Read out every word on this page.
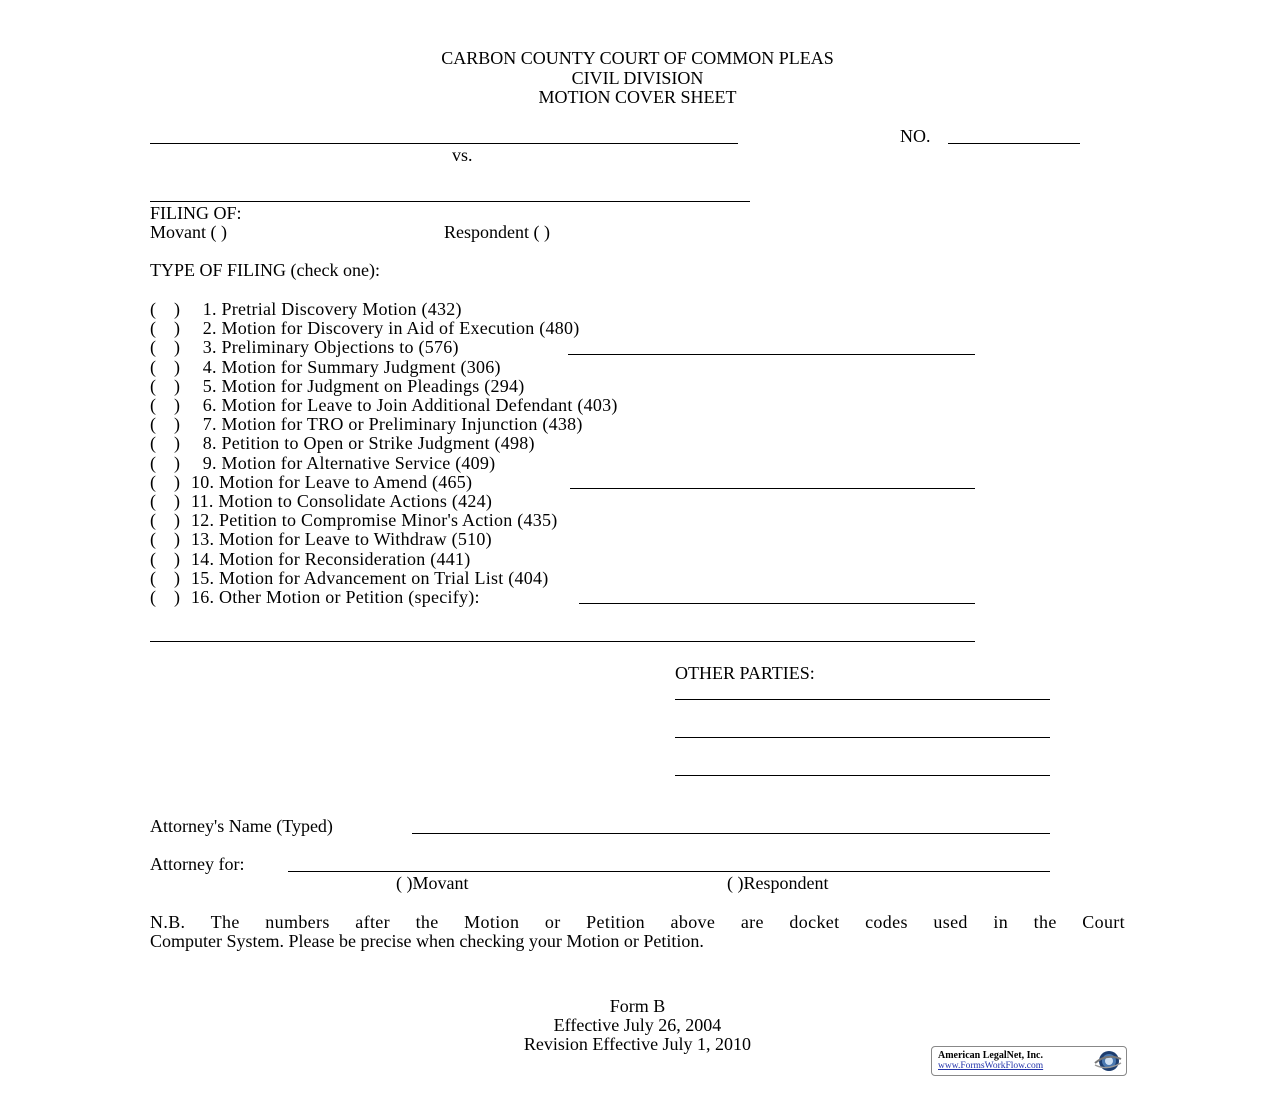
CARBON COUNTY COURT OF COMMON PLEAS
CIVIL DIVISION
MOTION COVER SHEET
NO.
vs.
FILING OF:
Movant ( )	Respondent ( )
TYPE OF FILING (check one):
(    ) 1. Pretrial Discovery Motion (432)
(    ) 2. Motion for Discovery in Aid of Execution (480)
(    ) 3. Preliminary Objections to (576)
(    ) 4. Motion for Summary Judgment (306)
(    ) 5. Motion for Judgment on Pleadings (294)
(    ) 6. Motion for Leave to Join Additional Defendant (403)
(    ) 7. Motion for TRO or Preliminary Injunction (438)
(    ) 8. Petition to Open or Strike Judgment (498)
(    ) 9. Motion for Alternative Service (409)
(    ) 10. Motion for Leave to Amend (465)
(    ) 11. Motion to Consolidate Actions (424)
(    ) 12. Petition to Compromise Minor's Action (435)
(    ) 13. Motion for Leave to Withdraw (510)
(    ) 14. Motion for Reconsideration (441)
(    ) 15. Motion for Advancement on Trial List (404)
(    ) 16. Other Motion or Petition (specify):
OTHER PARTIES:
Attorney's Name (Typed)
Attorney for:
( )Movant	( )Respondent
N.B. The numbers after the Motion or Petition above are docket codes used in the Court
Computer System. Please be precise when checking your Motion or Petition.
Form B
Effective July 26, 2004
Revision Effective July 1, 2010
American LegalNet, Inc.
www.FormsWorkFlow.com
